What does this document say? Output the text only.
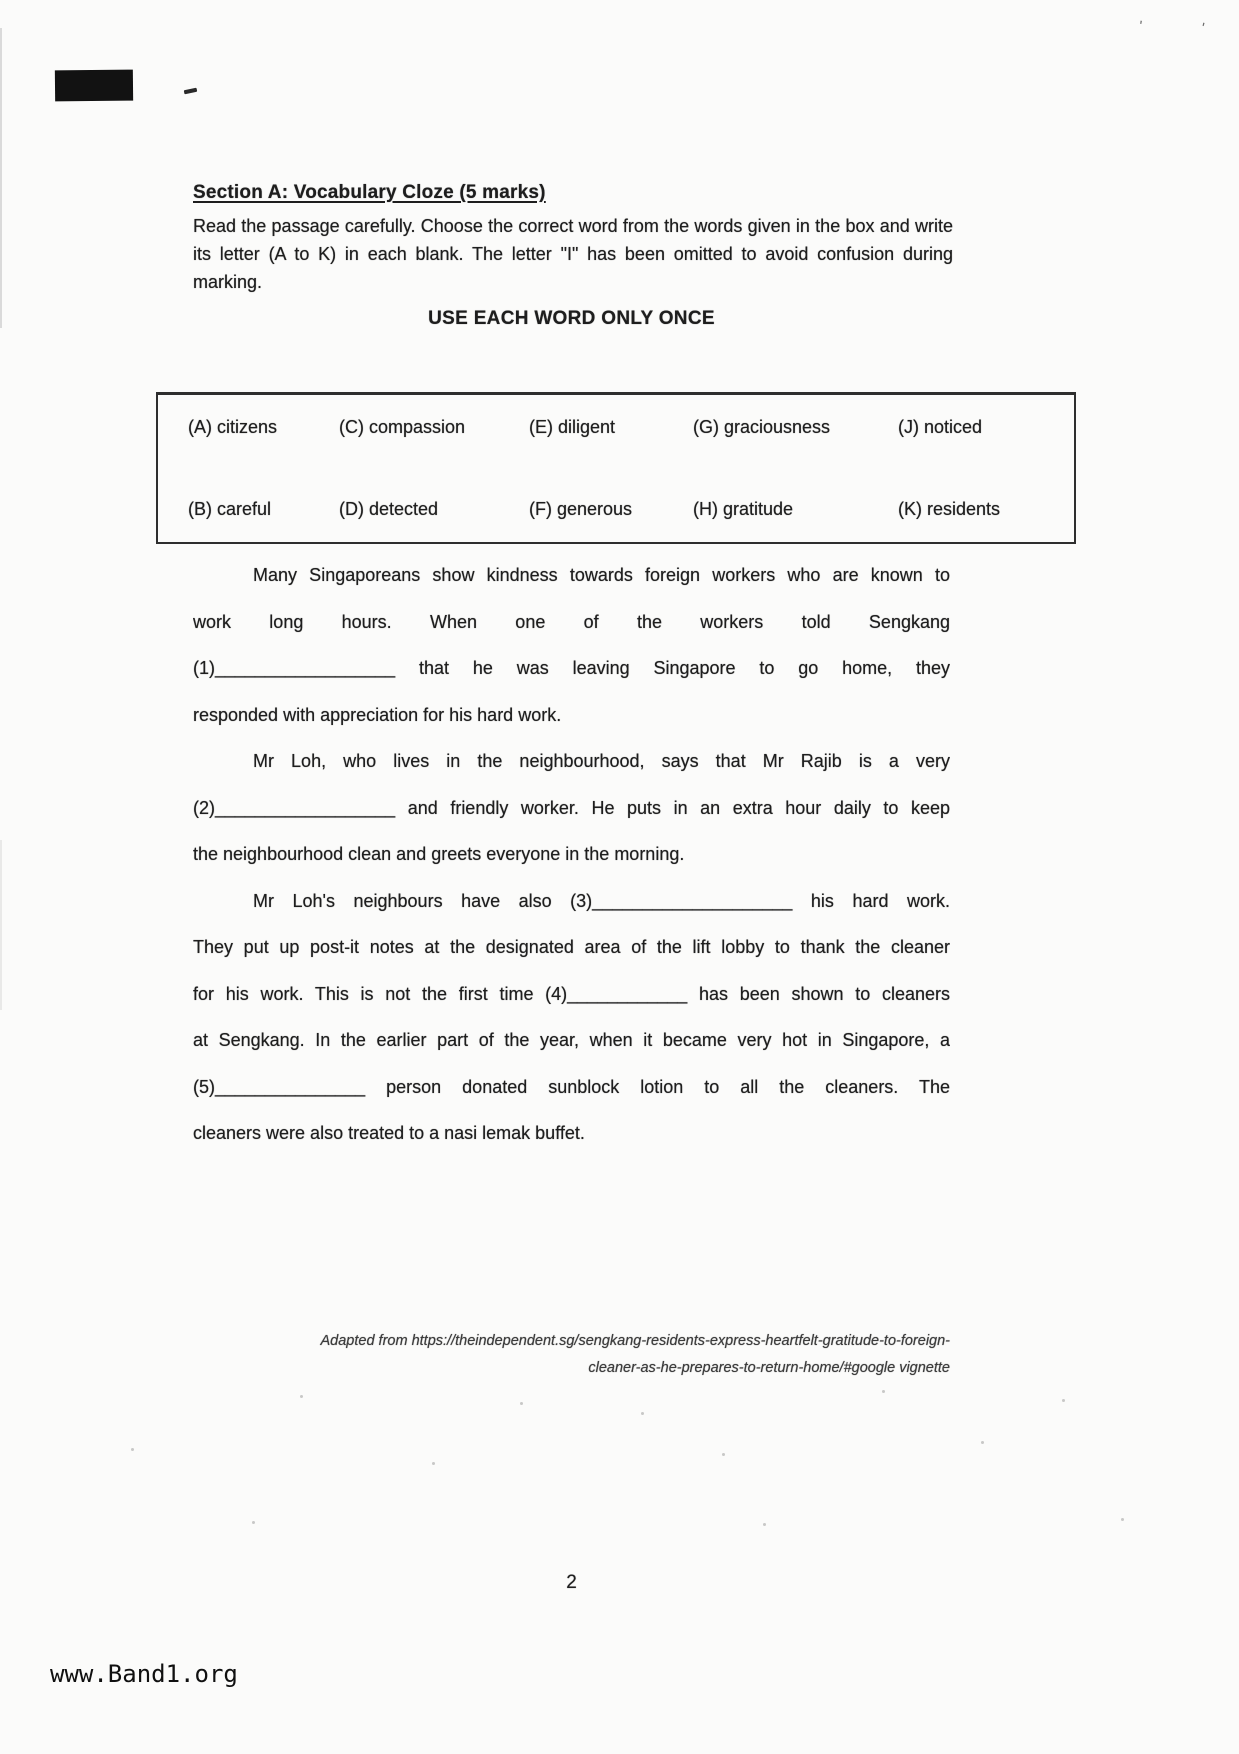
'	'
Section A: Vocabulary Cloze (5 marks)
Read the passage carefully. Choose the correct word from the words given in the box and write its letter (A to K) in each blank. The letter "I" has been omitted to avoid confusion during marking.
USE EACH WORD ONLY ONCE
(A) citizens	(C) compassion	(E) diligent	(G) graciousness	(J) noticed
(B) careful	(D) detected	(F) generous	(H) gratitude	(K) residents
Many Singaporeans show kindness towards foreign workers who are known to
work long hours. When one of the workers told Sengkang
(1)__________________ that he was leaving Singapore to go home, they
responded with appreciation for his hard work.
Mr Loh, who lives in the neighbourhood, says that Mr Rajib is a very
(2)__________________ and friendly worker. He puts in an extra hour daily to keep
the neighbourhood clean and greets everyone in the morning.
Mr Loh's neighbours have also (3)____________________ his hard work.
They put up post-it notes at the designated area of the lift lobby to thank the cleaner
for his work. This is not the first time (4)____________ has been shown to cleaners
at Sengkang. In the earlier part of the year, when it became very hot in Singapore, a
(5)_______________ person donated sunblock lotion to all the cleaners. The
cleaners were also treated to a nasi lemak buffet.
Adapted from https://theindependent.sg/sengkang-residents-express-heartfelt-gratitude-to-foreign-
cleaner-as-he-prepares-to-return-home/#google vignette
2
www.Band1.org
